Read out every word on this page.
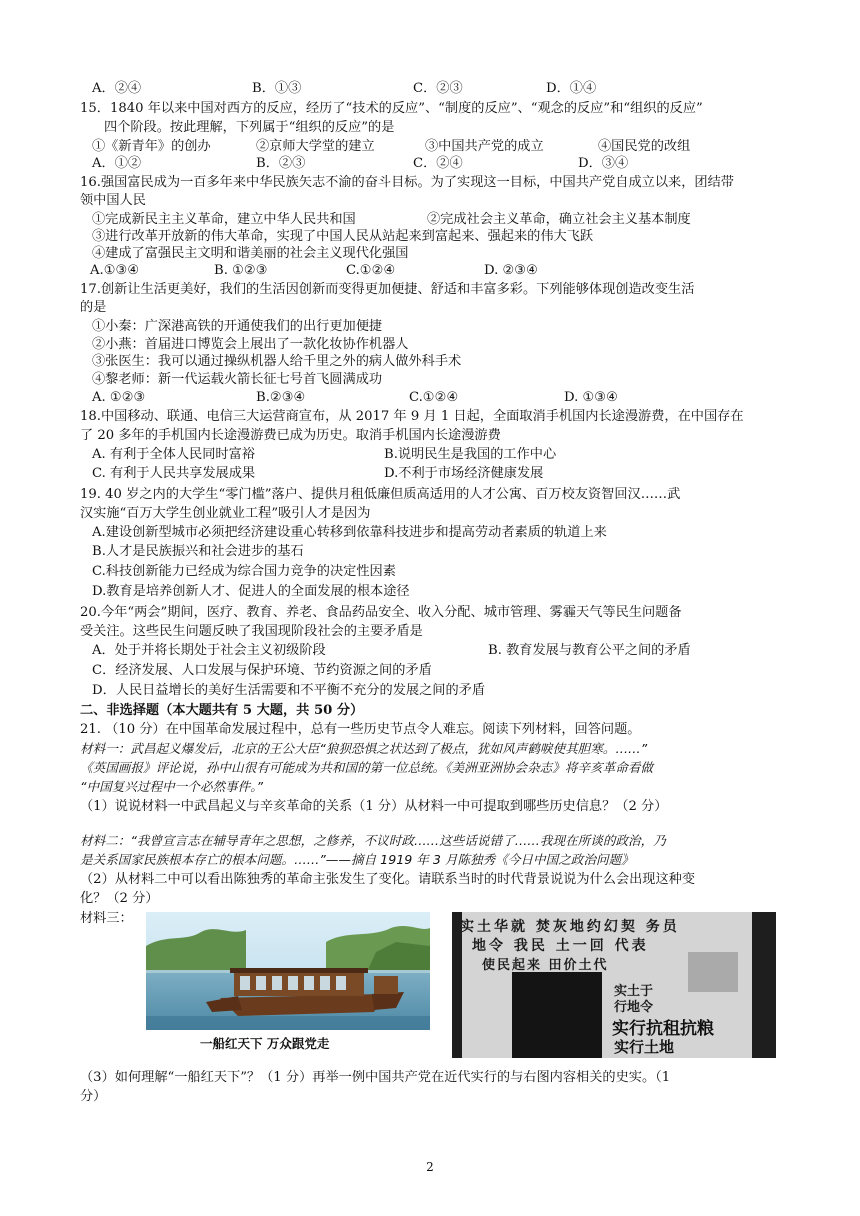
A．②④	B．①③	C．②③	D．①④
15．1840 年以来中国对西方的反应，经历了“技术的反应”、“制度的反应”、“观念的反应”和“组织的反应”
四个阶段。按此理解，下列属于“组织的反应”的是
①《新青年》的创办	②京师大学堂的建立	③中国共产党的成立	④国民党的改组
A．①②	B．②③	C．②④	D．③④
16.强国富民成为一百多年来中华民族矢志不渝的奋斗目标。为了实现这一目标，中国共产党自成立以来，团结带
领中国人民
①完成新民主主义革命，建立中华人民共和国	②完成社会主义革命，确立社会主义基本制度
③进行改革开放新的伟大革命，实现了中国人民从站起来到富起来、强起来的伟大飞跃
④建成了富强民主文明和谐美丽的社会主义现代化强国
A.①③④	B. ①②③	C.①②④	D. ②③④
17.创新让生活更美好，我们的生活因创新而变得更加便捷、舒适和丰富多彩。下列能够体现创造改变生活
的是
①小秦：广深港高铁的开通使我们的出行更加便捷
②小燕：首届进口博览会上展出了一款化妆协作机器人
③张医生：我可以通过操纵机器人给千里之外的病人做外科手术
④黎老师：新一代运载火箭长征七号首飞圆满成功
A. ①②③	B.②③④	C.①②④	D. ①③④
18.中国移动、联通、电信三大运营商宣布，从 2017 年 9 月 1 日起，全面取消手机国内长途漫游费，在中国存在
了 20 多年的手机国内长途漫游费已成为历史。取消手机国内长途漫游费
A. 有利于全体人民同时富裕	B.说明民生是我国的工作中心
C. 有利于人民共享发展成果	D.不利于市场经济健康发展
19. 40 岁之内的大学生“零门槛”落户、提供月租低廉但质高适用的人才公寓、百万校友资智回汉……武
汉实施“百万大学生创业就业工程”吸引人才是因为
A.建设创新型城市必须把经济建设重心转移到依靠科技进步和提高劳动者素质的轨道上来
B.人才是民族振兴和社会进步的基石
C.科技创新能力已经成为综合国力竞争的决定性因素
D.教育是培养创新人才、促进人的全面发展的根本途径
20.今年“两会”期间，医疗、教育、养老、食品药品安全、收入分配、城市管理、雾霾天气等民生问题备
受关注。这些民生问题反映了我国现阶段社会的主要矛盾是
A．处于并将长期处于社会主义初级阶段	B. 教育发展与教育公平之间的矛盾
C．经济发展、人口发展与保护环境、节约资源之间的矛盾
D．人民日益增长的美好生活需要和不平衡不充分的发展之间的矛盾
二、非选择题（本大题共有 5 大题，共 50 分）
21. （10 分）在中国革命发展过程中，总有一些历史节点令人难忘。阅读下列材料，回答问题。
材料一：武昌起义爆发后，北京的王公大臣“狼狈恐惧之状达到了极点，犹如风声鹤唳使其胆寒。……”
《英国画报》评论说，孙中山很有可能成为共和国的第一位总统。《美洲亚洲协会杂志》将辛亥革命看做
“中国复兴过程中一个必然事件。”
（1）说说材料一中武昌起义与辛亥革命的关系（1 分）从材料一中可提取到哪些历史信息？（2 分）
材料二：“我曾宣言志在辅导青年之思想，之修养，不议时政……这些话说错了……我现在所谈的政治，乃
是关系国家民族根本存亡的根本问题。……”——摘自 1919 年 3 月陈独秀《今日中国之政治问题》
（2）从材料二中可以看出陈独秀的革命主张发生了变化。请联系当时的时代背景说说为什么会出现这种变
化？（2 分）
材料三：
一船红天下 万众跟党走
实土华就 焚灰地约幻契 务员
地令 我民 土一回 代表
使民起来 田价土代
实土于
行地令
实行抗租抗粮
实行土地
（3）如何理解“一船红天下”？（1 分）再举一例中国共产党在近代实行的与右图内容相关的史实。（1
分）
2
